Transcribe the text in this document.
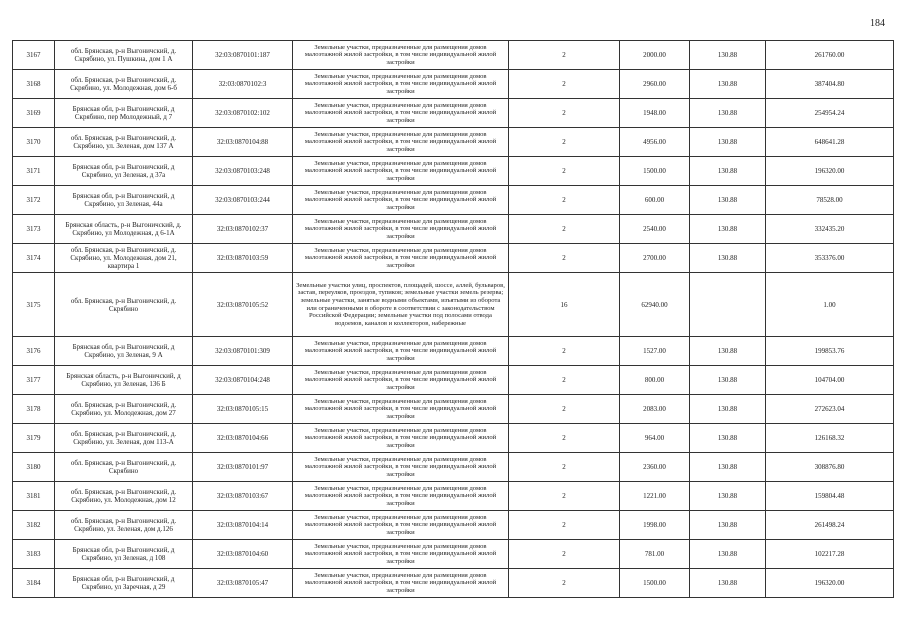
184
3167	обл. Брянская, р-н Выгоничский, д. Скрябино, ул. Пушкина, дом 1 А	32:03:0870101:187	Земельные участки, предназначенные для размещения домов малоэтажной жилой застройки, в том числе индивидуальной жилой застройки	2	2000.00	130.88	261760.00
3168	обл. Брянская, р-н Выгоничский, д. Скрябино, ул. Молодежная, дом 6-б	32:03:0870102:3	Земельные участки, предназначенные для размещения домов малоэтажной жилой застройки, в том числе индивидуальной жилой застройки	2	2960.00	130.88	387404.80
3169	Брянская обл, р-н Выгоничский, д Скрябино, пер Молодежный, д 7	32:03:0870102:102	Земельные участки, предназначенные для размещения домов малоэтажной жилой застройки, в том числе индивидуальной жилой застройки	2	1948.00	130.88	254954.24
3170	обл. Брянская, р-н Выгоничский, д. Скрябино, ул. Зеленая, дом 137 А	32:03:0870104:88	Земельные участки, предназначенные для размещения домов малоэтажной жилой застройки, в том числе индивидуальной жилой застройки	2	4956.00	130.88	648641.28
3171	Брянская обл, р-н Выгоничский, д Скрябино, ул Зеленая, д 37а	32:03:0870103:248	Земельные участки, предназначенные для размещения домов малоэтажной жилой застройки, в том числе индивидуальной жилой застройки	2	1500.00	130.88	196320.00
3172	Брянская обл, р-н Выгоничский, д Скрябино, ул Зеленая, 44а	32:03:0870103:244	Земельные участки, предназначенные для размещения домов малоэтажной жилой застройки, в том числе индивидуальной жилой застройки	2	600.00	130.88	78528.00
3173	Брянская область, р-н Выгоничский, д. Скрябино, ул Молодежная, д 6-1А	32:03:0870102:37	Земельные участки, предназначенные для размещения домов малоэтажной жилой застройки, в том числе индивидуальной жилой застройки	2	2540.00	130.88	332435.20
3174	обл. Брянская, р-н Выгоничский, д. Скрябино, ул. Молодежная, дом 21, квартира 1	32:03:0870103:59	Земельные участки, предназначенные для размещения домов малоэтажной жилой застройки, в том числе индивидуальной жилой застройки	2	2700.00	130.88	353376.00
3175	обл. Брянская, р-н Выгоничский, д. Скрябино	32:03:0870105:52	Земельные участки улиц, проспектов, площадей, шоссе, аллей, бульваров, застав, переулков, проездов, тупиков; земельные участки земель резерва; земельные участки, занятые водными объектами, изъятыми из оборота или ограниченными в обороте в соответствии с законодательством Российской Федерации; земельные участки под полосами отвода водоемов, каналов и коллекторов, набережные	16	62940.00		1.00
3176	Брянская обл, р-н Выгоничский, д Скрябино, ул Зеленая, 9 А	32:03:0870101:309	Земельные участки, предназначенные для размещения домов малоэтажной жилой застройки, в том числе индивидуальной жилой застройки	2	1527.00	130.88	199853.76
3177	Брянская область, р-н Выгоничский, д Скрябино, ул Зеленая, 136 Б	32:03:0870104:248	Земельные участки, предназначенные для размещения домов малоэтажной жилой застройки, в том числе индивидуальной жилой застройки	2	800.00	130.88	104704.00
3178	обл. Брянская, р-н Выгоничский, д. Скрябино, ул. Молодежная, дом 27	32:03:0870105:15	Земельные участки, предназначенные для размещения домов малоэтажной жилой застройки, в том числе индивидуальной жилой застройки	2	2083.00	130.88	272623.04
3179	обл. Брянская, р-н Выгоничский, д. Скрябино, ул. Зеленая, дом 113-А	32:03:0870104:66	Земельные участки, предназначенные для размещения домов малоэтажной жилой застройки, в том числе индивидуальной жилой застройки	2	964.00	130.88	126168.32
3180	обл. Брянская, р-н Выгоничский, д. Скрябино	32:03:0870101:97	Земельные участки, предназначенные для размещения домов малоэтажной жилой застройки, в том числе индивидуальной жилой застройки	2	2360.00	130.88	308876.80
3181	обл. Брянская, р-н Выгоничский, д. Скрябино, ул. Молодежная, дом 12	32:03:0870103:67	Земельные участки, предназначенные для размещения домов малоэтажной жилой застройки, в том числе индивидуальной жилой застройки	2	1221.00	130.88	159804.48
3182	обл. Брянская, р-н Выгоничский, д. Скрябино, ул. Зеленая, дом д.126	32:03:0870104:14	Земельные участки, предназначенные для размещения домов малоэтажной жилой застройки, в том числе индивидуальной жилой застройки	2	1998.00	130.88	261498.24
3183	Брянская обл, р-н Выгоничский, д Скрябино, ул Зеленая, д 108	32:03:0870104:60	Земельные участки, предназначенные для размещения домов малоэтажной жилой застройки, в том числе индивидуальной жилой застройки	2	781.00	130.88	102217.28
3184	Брянская обл, р-н Выгоничский, д Скрябино, ул Заречная, д 29	32:03:0870105:47	Земельные участки, предназначенные для размещения домов малоэтажной жилой застройки, в том числе индивидуальной жилой застройки	2	1500.00	130.88	196320.00
